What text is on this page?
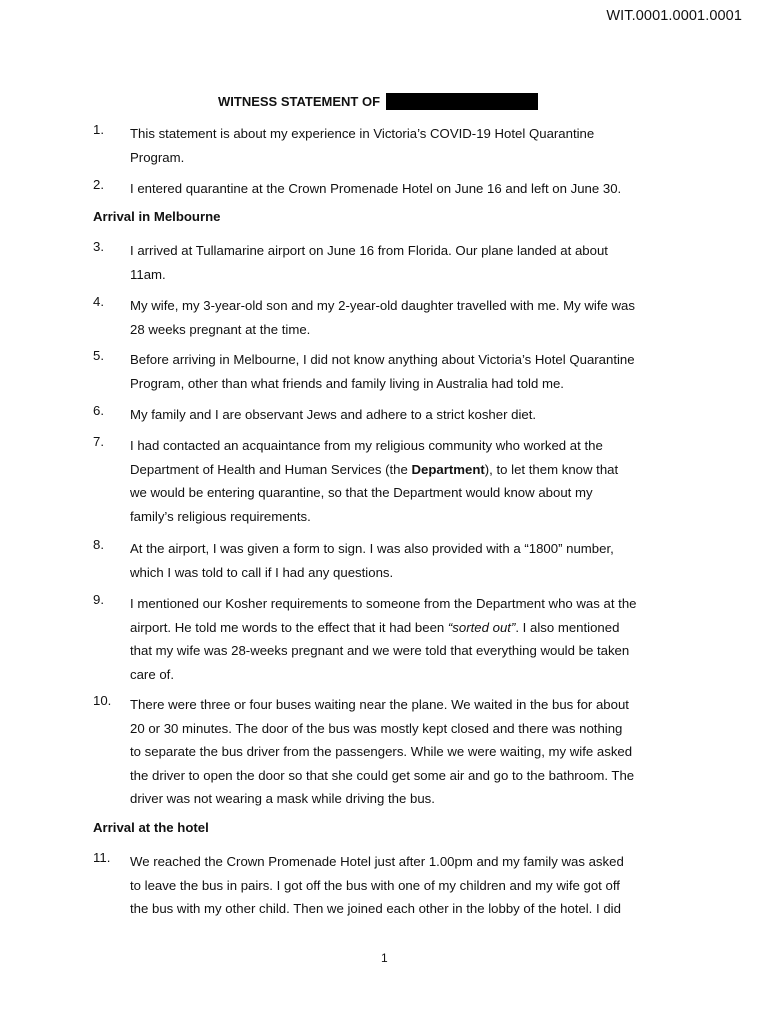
WIT.0001.0001.0001
WITNESS STATEMENT OF
1. This statement is about my experience in Victoria’s COVID-19 Hotel Quarantine
Program.
2. I entered quarantine at the Crown Promenade Hotel on June 16 and left on June 30.
Arrival in Melbourne
3. I arrived at Tullamarine airport on June 16 from Florida. Our plane landed at about
11am.
4. My wife, my 3-year-old son and my 2-year-old daughter travelled with me. My wife was
28 weeks pregnant at the time.
5. Before arriving in Melbourne, I did not know anything about Victoria’s Hotel Quarantine
Program, other than what friends and family living in Australia had told me.
6. My family and I are observant Jews and adhere to a strict kosher diet.
7. I had contacted an acquaintance from my religious community who worked at the
Department of Health and Human Services (the Department), to let them know that
we would be entering quarantine, so that the Department would know about my
family’s religious requirements.
8. At the airport, I was given a form to sign. I was also provided with a “1800” number,
which I was told to call if I had any questions.
9. I mentioned our Kosher requirements to someone from the Department who was at the
airport. He told me words to the effect that it had been “sorted out”. I also mentioned
that my wife was 28-weeks pregnant and we were told that everything would be taken
care of.
10. There were three or four buses waiting near the plane. We waited in the bus for about
20 or 30 minutes. The door of the bus was mostly kept closed and there was nothing
to separate the bus driver from the passengers. While we were waiting, my wife asked
the driver to open the door so that she could get some air and go to the bathroom. The
driver was not wearing a mask while driving the bus.
Arrival at the hotel
11. We reached the Crown Promenade Hotel just after 1.00pm and my family was asked
to leave the bus in pairs. I got off the bus with one of my children and my wife got off
the bus with my other child. Then we joined each other in the lobby of the hotel. I did
1
